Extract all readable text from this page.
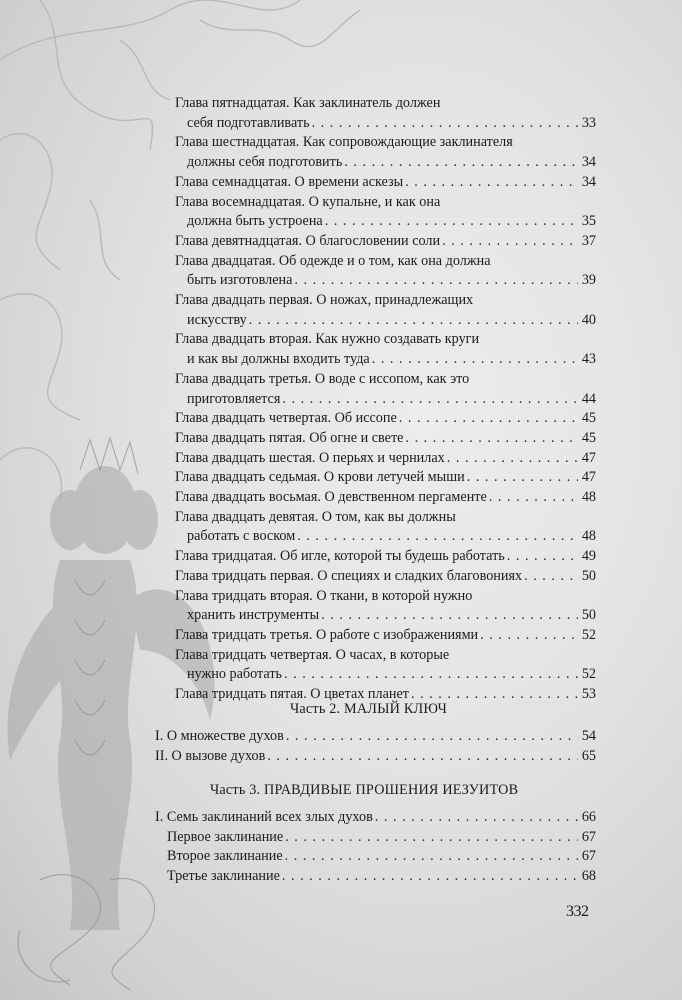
Глава пятнадцатая. Как заклинатель должен
себя подготавливать . . .	33
Глава шестнадцатая. Как сопровождающие заклинателя
должны себя подготовить . . .	34
Глава семнадцатая. О времени аскезы . . .	34
Глава восемнадцатая. О купальне, и как она
должна быть устроена . . .	35
Глава девятнадцатая. О благословении соли . . .	37
Глава двадцатая. Об одежде и о том, как она должна
быть изготовлена . . .	39
Глава двадцать первая. О ножах, принадлежащих
искусству . . .	40
Глава двадцать вторая. Как нужно создавать круги
и как вы должны входить туда . . .	43
Глава двадцать третья. О воде с иссопом, как это
приготовляется . . .	44
Глава двадцать четвертая. Об иссопе . . .	45
Глава двадцать пятая. Об огне и свете . . .	45
Глава двадцать шестая. О перьях и чернилах . . .	47
Глава двадцать седьмая. О крови летучей мыши . . .	47
Глава двадцать восьмая. О девственном пергаменте . . .	48
Глава двадцать девятая. О том, как вы должны
работать с воском . . .	48
Глава тридцатая. Об игле, которой ты будешь работать . . .	49
Глава тридцать первая. О специях и сладких благовониях . . .	50
Глава тридцать вторая. О ткани, в которой нужно
хранить инструменты . . .	50
Глава тридцать третья. О работе с изображениями . . .	52
Глава тридцать четвертая. О часах, в которые
нужно работать . . .	52
Глава тридцать пятая. О цветах планет . . .	53
Часть 2. МАЛЫЙ КЛЮЧ
I. О множестве духов . . .	54
II. О вызове духов . . .	65
Часть 3. ПРАВДИВЫЕ ПРОШЕНИЯ ИЕЗУИТОВ
I. Семь заклинаний всех злых духов . . .	66
Первое заклинание . . .	67
Второе заклинание . . .	67
Третье заклинание . . .	68
332
